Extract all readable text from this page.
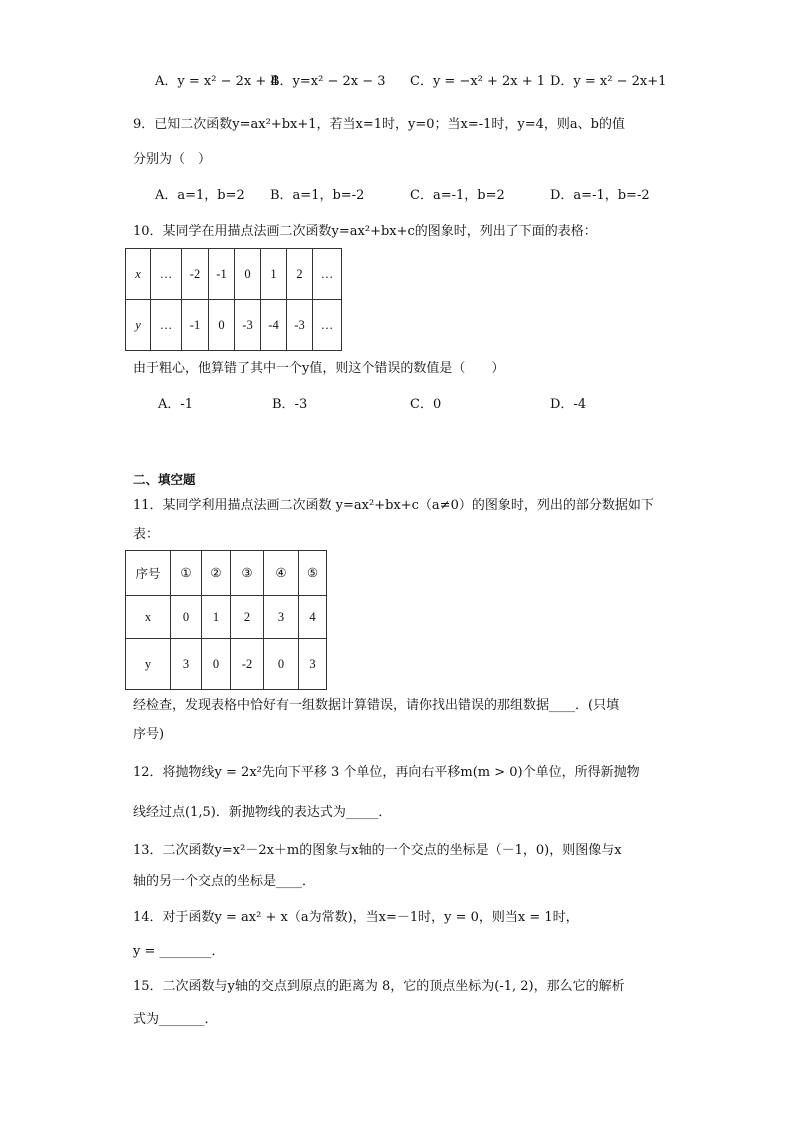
A．y = x² − 2x + 4
B．y=x² − 2x − 3 C．y = −x² + 2x + 1 D．y = x² − 2x+1
9．已知二次函数y=ax²+bx+1，若当x=1时，y=0；当x=-1时，y=4，则a、b的值
分别为（　）
A．a=1，b=2 B．a=1，b=-2	C．a=-1，b=2	D．a=-1，b=-2
10．某同学在用描点法画二次函数y=ax²+bx+c的图象时，列出了下面的表格：
x	…	-2	-1	0	1	2	…
y	…	-1	0	-3	-4	-3	…
由于粗心，他算错了其中一个y值，则这个错误的数值是（　　）
A．-1	B．-3	C．0	D．-4
二、填空题
11．某同学利用描点法画二次函数 y=ax²+bx+c（a≠0）的图象时，列出的部分数据如下
表：
序号	①	②	③	④	⑤
x	0	1	2	3	4
y	3	0	-2	0	3
经检查，发现表格中恰好有一组数据计算错误，请你找出错误的那组数据____．(只填
序号)
12．将抛物线y = 2x²先向下平移 3 个单位，再向右平移m(m > 0)个单位，所得新抛物
线经过点(1,5)．新抛物线的表达式为_____．
13．二次函数y=x²－2x＋m的图象与x轴的一个交点的坐标是（－1，0)，则图像与x
轴的另一个交点的坐标是____．
14．对于函数y = ax² + x（a为常数)，当x=－1时，y = 0，则当x = 1时，
y = ________．
15．二次函数与y轴的交点到原点的距离为 8，它的顶点坐标为(-1, 2)，那么它的解析
式为_______．
